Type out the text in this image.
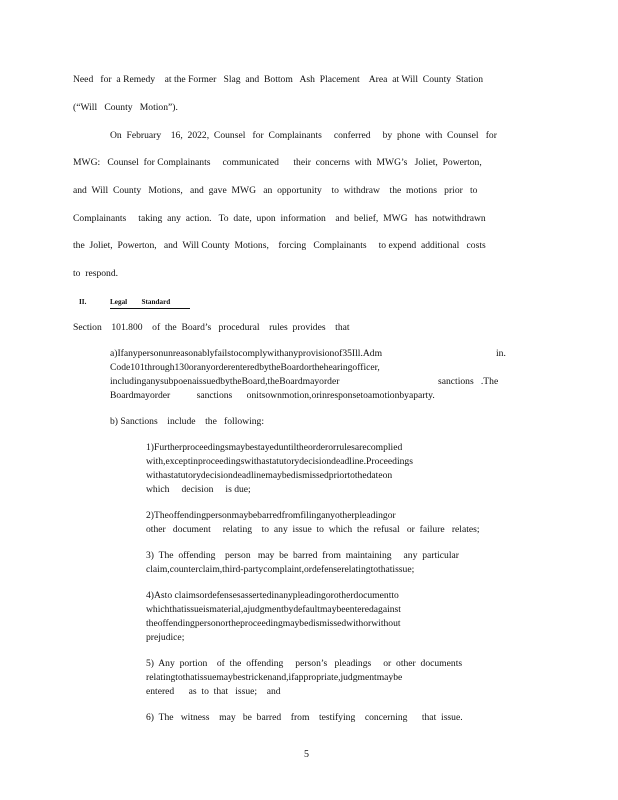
Need   for  a Remedy    at the Former   Slag  and  Bottom   Ash  Placement    Area  at Will  County  Station
(“Will   County   Motion”).
On  February    16,  2022,  Counsel   for  Complainants     conferred     by  phone  with  Counsel   for
MWG:   Counsel  for Complainants     communicated      their  concerns  with  MWG’s   Joliet,  Powerton,
and  Will  County   Motions,   and  gave  MWG   an  opportunity    to  withdraw    the  motions   prior   to
Complainants     taking  any  action.   To  date,  upon  information    and  belief,  MWG   has  notwithdrawn
the  Joliet,  Powerton,   and  Will County  Motions,    forcing   Complainants     to expend  additional   costs
to  respond.
II.	Legal        Standard
Section    101.800    of  the  Board’s   procedural    rules  provides    that
a)Ifanypersonunreasonablyfailstocomplywithanyprovisionof35Ill.Adm	in.
Code101through130oranyorderenteredbytheBoardorthehearingofficer,
includinganysubpoenaissuedbytheBoard,theBoardmayorder	sanctions   .The
Boardmayorder           sanctions      onitsownmotion,orinresponsetoamotionbyaparty.
b) Sanctions    include    the   following:
1)Furtherproceedingsmaybestayeduntiltheorderorrulesarecomplied
with,exceptinproceedingswithastatutorydecisiondeadline.Proceedings
withastatutorydecisiondeadlinemaybedismissedpriortothedateon
which     decision     is due;
2)Theoffendingpersonmaybebarredfromfilinganyotherpleadingor
other   document     relating    to  any  issue  to  which  the  refusal   or  failure   relates;
3)  The  offending    person   may  be  barred  from  maintaining     any  particular
claim,counterclaim,third-partycomplaint,ordefenserelatingtothatissue;
4)Asto claimsordefensesassertedinanypleadingorotherdocumentto
whichthatissueismaterial,ajudgmentbydefaultmaybeenteredagainst
theoffendingpersonortheproceedingmaybedismissedwithorwithout
prejudice;
5)  Any  portion    of  the  offending     person’s   pleadings     or  other  documents
relatingtothatissuemaybestrickenand,ifappropriate,judgmentmaybe
entered      as  to  that   issue;    and
6)  The   witness    may   be  barred    from    testifying    concerning      that  issue.
5
